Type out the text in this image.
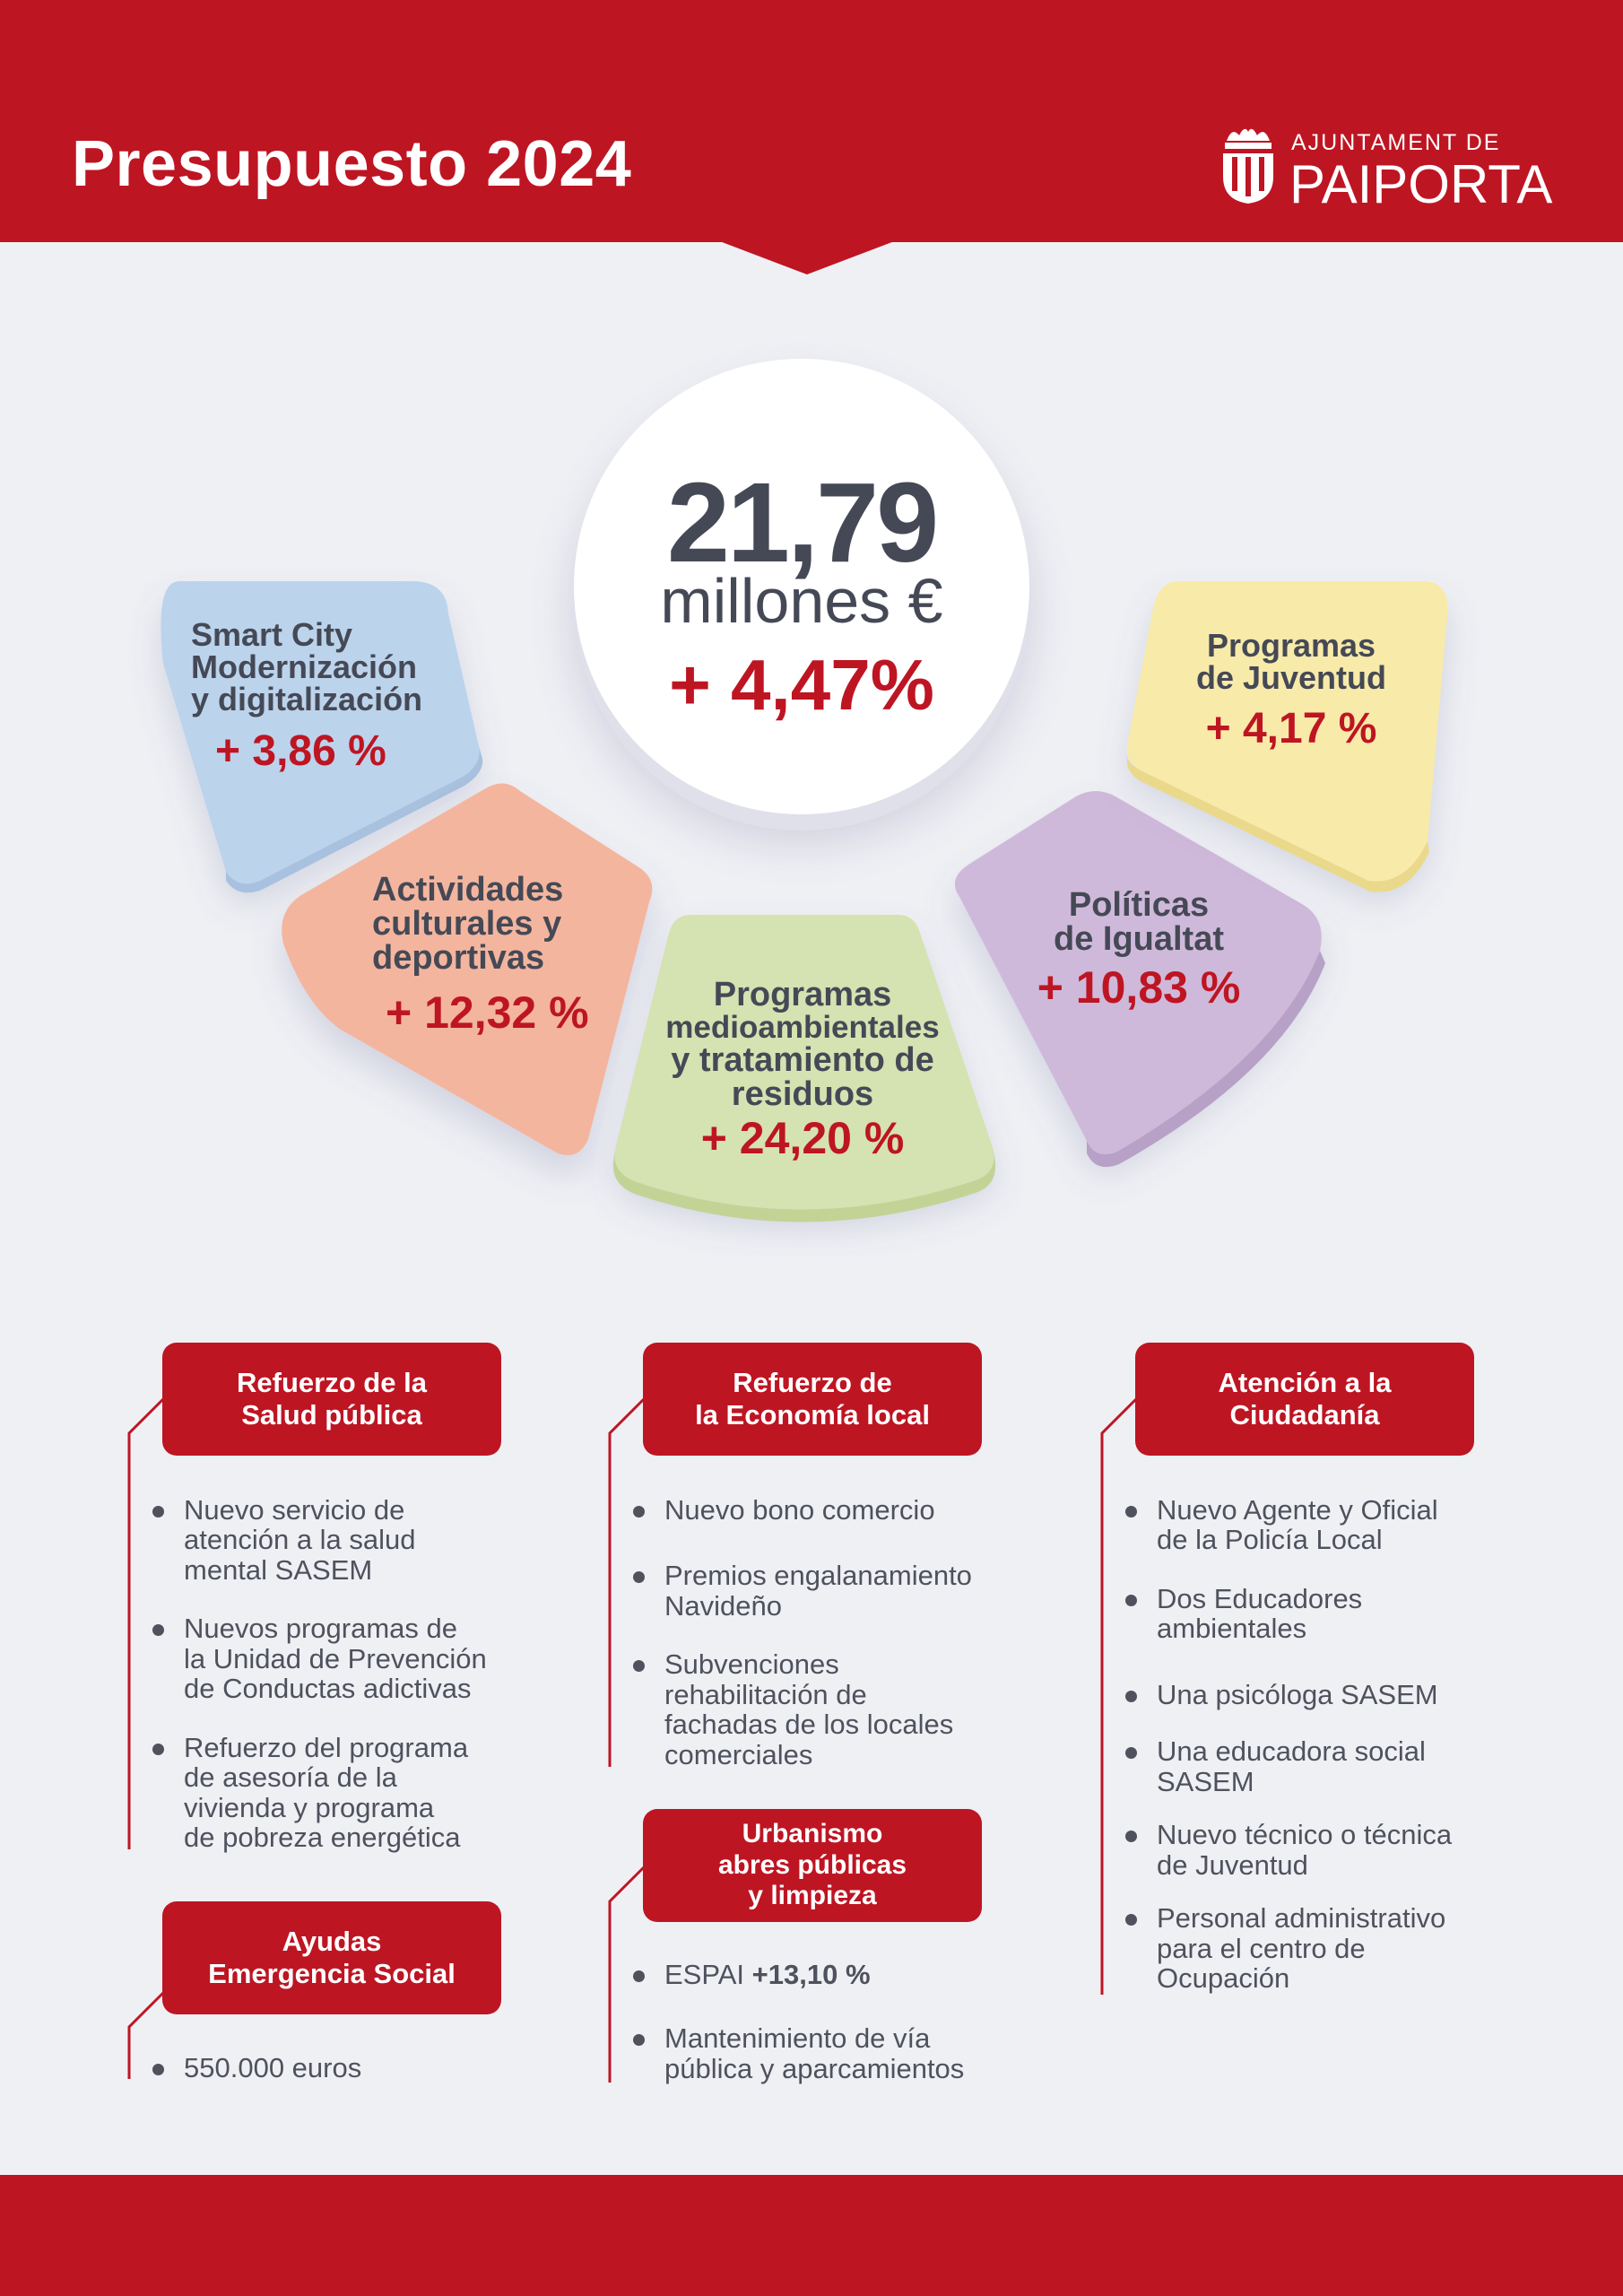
Presupuesto 2024	AJUNTAMENT DE
PAIPORTA
21,79
millones €
+ 4,47%
Smart City
Modernización
y digitalización
+ 3,86 %
Actividades
culturales y
deportivas
+ 12,32 %	Programas
medioambientales
y tratamiento de
residuos
+ 24,20 %
Políticas
de Igualtat
+ 10,83 %
Programas
de Juventud
+ 4,17 %
Refuerzo de la
Salud pública
Nuevo servicio de
atención a la salud
mental SASEM
Nuevos programas de
la Unidad de Prevención
de Conductas adictivas
Refuerzo del programa
de asesoría de la
vivienda y programa
de pobreza energética
Ayudas
Emergencia Social
550.000 euros
Refuerzo de
la Economía local
Nuevo bono comercio
Premios engalanamiento
Navideño
Subvenciones
rehabilitación de
fachadas de los locales
comerciales
Urbanismo
abres públicas
y limpieza
ESPAI +13,10 %
Mantenimiento de vía
pública y aparcamientos
Atención a la
Ciudadanía
Nuevo Agente y Oficial
de la Policía Local
Dos Educadores
ambientales
Una psicóloga SASEM
Una educadora social
SASEM
Nuevo técnico o técnica
de Juventud
Personal administrativo
para el centro de
Ocupación
